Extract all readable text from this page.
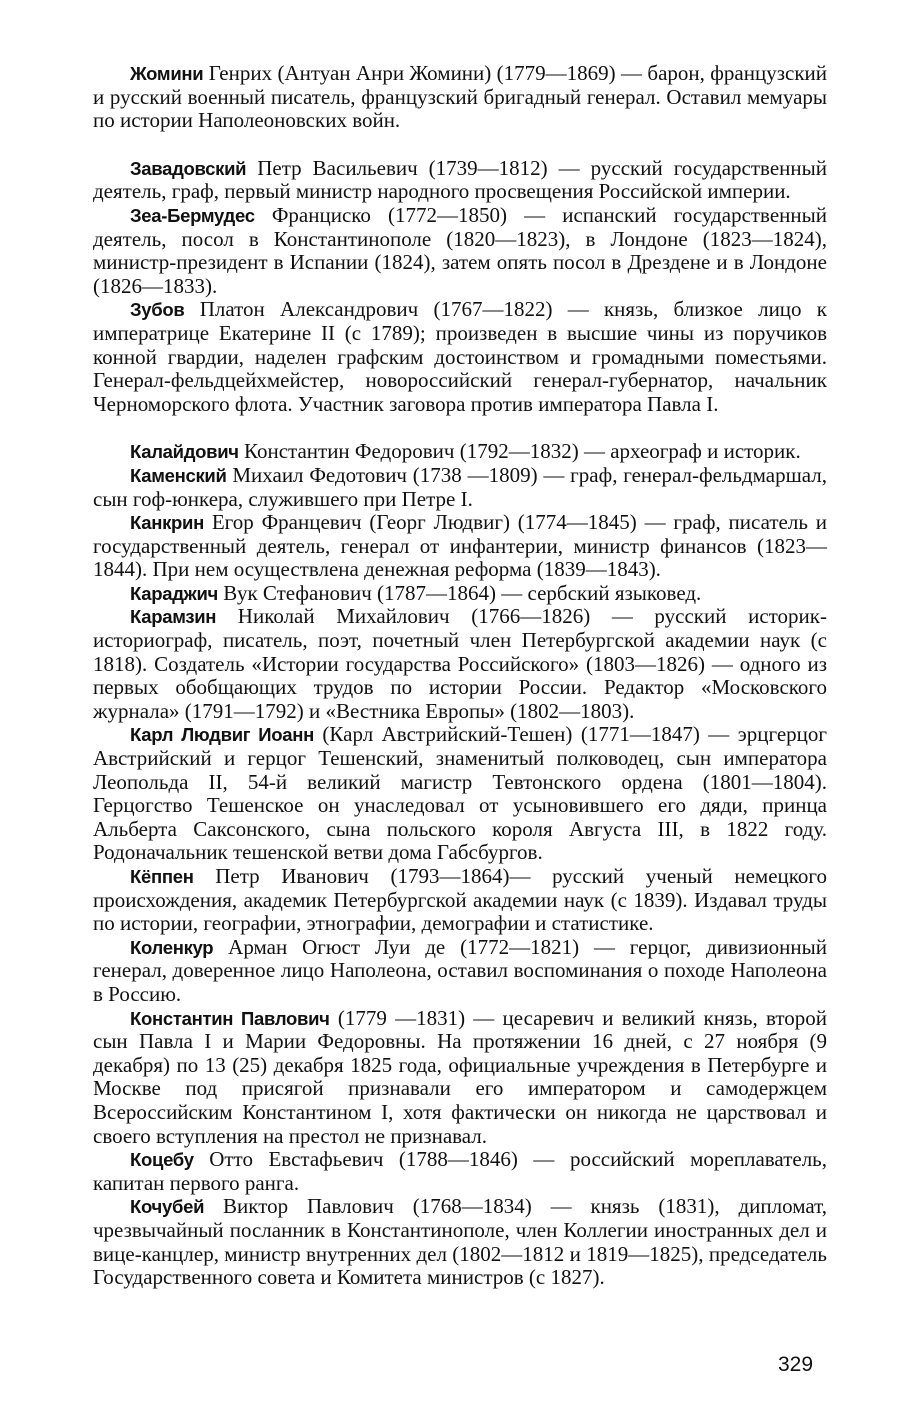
Жомини Генрих (Антуан Анри Жомини) (1779—1869) — барон, французский и русский военный писатель, французский бригадный генерал. Оставил мемуары по истории Наполеоновских войн.

Завадовский Петр Васильевич (1739—1812) — русский государственный деятель, граф, первый министр народного просвещения Российской империи.

Зеа-Бермудес Франциско (1772—1850) — испанский государственный деятель, посол в Константинополе (1820—1823), в Лондоне (1823—1824), министр-президент в Испании (1824), затем опять посол в Дрездене и в Лондоне (1826—1833).

Зубов Платон Александрович (1767—1822) — князь, близкое лицо к императрице Екатерине II (с 1789); произведен в высшие чины из поручиков конной гвардии, наделен графским достоинством и громадными поместьями. Генерал-фельдцейхмейстер, новороссийский генерал-губернатор, начальник Черноморского флота. Участник заговора против императора Павла I.

Калайдович Константин Федорович (1792—1832) — археограф и историк.

Каменский Михаил Федотович (1738 —1809) — граф, генерал-фельдмаршал, сын гоф-юнкера, служившего при Петре I.

Канкрин Егор Францевич (Георг Людвиг) (1774—1845) — граф, писатель и государственный деятель, генерал от инфантерии, министр финансов (1823—1844). При нем осуществлена денежная реформа (1839—1843).

Караджич Вук Стефанович (1787—1864) — сербский языковед.

Карамзин Николай Михайлович (1766—1826) — русский историк-историограф, писатель, поэт, почетный член Петербургской академии наук (с 1818). Создатель «Истории государства Российского» (1803—1826) — одного из первых обобщающих трудов по истории России. Редактор «Московского журнала» (1791—1792) и «Вестника Европы» (1802—1803).

Карл Людвиг Иоанн (Карл Австрийский-Тешен) (1771—1847) — эрцгерцог Австрийский и герцог Тешенский, знаменитый полководец, сын императора Леопольда II, 54-й великий магистр Тевтонского ордена (1801—1804). Герцогство Тешенское он унаследовал от усыновившего его дяди, принца Альберта Саксонского, сына польского короля Августа III, в 1822 году. Родоначальник тешенской ветви дома Габсбургов.

Кёппен Петр Иванович (1793—1864)— русский ученый немецкого происхождения, академик Петербургской академии наук (с 1839). Издавал труды по истории, географии, этнографии, демографии и статистике.

Коленкур Арман Огюст Луи де (1772—1821) — герцог, дивизионный генерал, доверенное лицо Наполеона, оставил воспоминания о походе Наполеона в Россию.

Константин Павлович (1779 —1831) — цесаревич и великий князь, второй сын Павла I и Марии Федоровны. На протяжении 16 дней, с 27 ноября (9 декабря) по 13 (25) декабря 1825 года, официальные учреждения в Петербурге и Москве под присягой признавали его императором и самодержцем Всероссийским Константином I, хотя фактически он никогда не царствовал и своего вступления на престол не признавал.

Коцебу Отто Евстафьевич (1788—1846) — российский мореплаватель, капитан первого ранга.

Кочубей Виктор Павлович (1768—1834) — князь (1831), дипломат, чрезвычайный посланник в Константинополе, член Коллегии иностранных дел и вице-канцлер, министр внутренних дел (1802—1812 и 1819—1825), председатель Государственного совета и Комитета министров (с 1827).

329
